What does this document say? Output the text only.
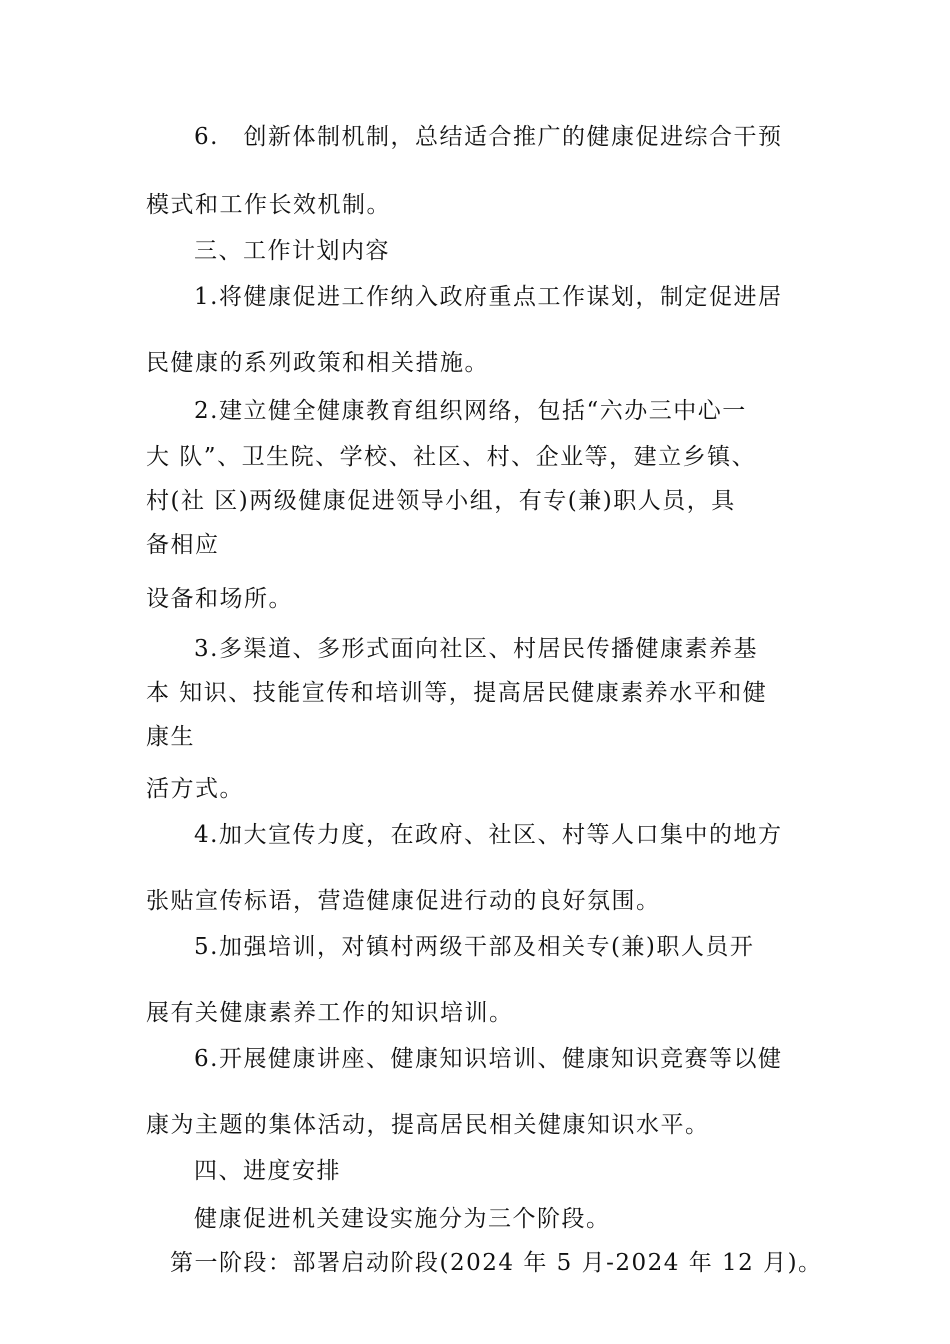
6.　创新体制机制，总结适合推广的健康促进综合干预

模式和工作长效机制。

三、工作计划内容

1.将健康促进工作纳入政府重点工作谋划，制定促进居

民健康的系列政策和相关措施。

2.建立健全健康教育组织网络，包括“六办三中心一

大 队”、卫生院、学校、社区、村、企业等，建立乡镇、

村(社 区)两级健康促进领导小组，有专(兼)职人员，具

备相应

设备和场所。

3.多渠道、多形式面向社区、村居民传播健康素养基

本 知识、技能宣传和培训等，提高居民健康素养水平和健

康生

活方式。

4.加大宣传力度，在政府、社区、村等人口集中的地方

张贴宣传标语，营造健康促进行动的良好氛围。

5.加强培训，对镇村两级干部及相关专(兼)职人员开

展有关健康素养工作的知识培训。

6.开展健康讲座、健康知识培训、健康知识竞赛等以健

康为主题的集体活动，提高居民相关健康知识水平。

四、进度安排

健康促进机关建设实施分为三个阶段。

第一阶段：部署启动阶段(2024 年 5 月-2024 年 12 月)。
